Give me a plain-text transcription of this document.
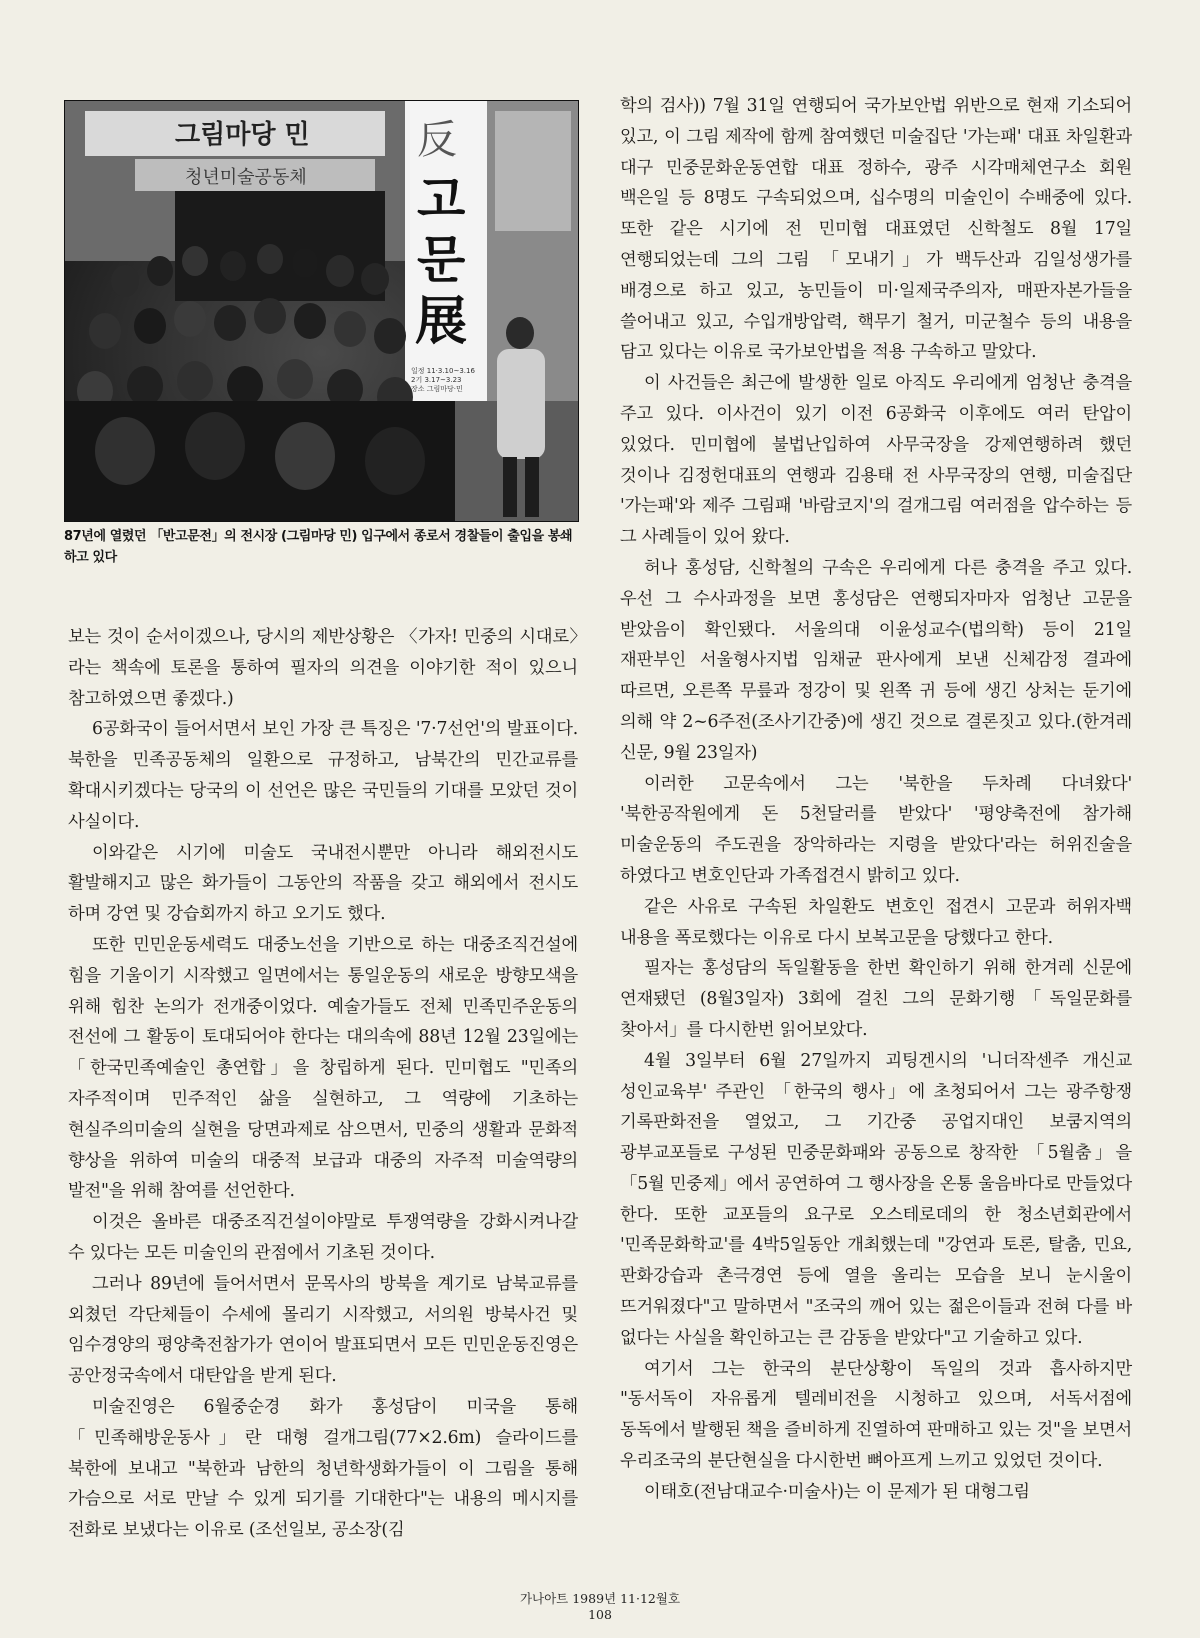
그림마당 민
청년미술공동체
反
고
문
展
일정 11·3.10~3.16 2기 3.17~3.23 장소 그림마당·민
87년에 열렸던 「반고문전」의 전시장 (그림마당 민) 입구에서 종로서 경찰들이 출입을 봉쇄하고 있다

보는 것이 순서이겠으나, 당시의 제반상황은 〈가자! 민중의 시대로〉라는 책속에 토론을 통하여 필자의 의견을 이야기한 적이 있으니 참고하였으면 좋겠다.)

6공화국이 들어서면서 보인 가장 큰 특징은 '7·7선언'의 발표이다. 북한을 민족공동체의 일환으로 규정하고, 남북간의 민간교류를 확대시키겠다는 당국의 이 선언은 많은 국민들의 기대를 모았던 것이 사실이다.

이와같은 시기에 미술도 국내전시뿐만 아니라 해외전시도 활발해지고 많은 화가들이 그동안의 작품을 갖고 해외에서 전시도 하며 강연 및 강습회까지 하고 오기도 했다.

또한 민민운동세력도 대중노선을 기반으로 하는 대중조직건설에 힘을 기울이기 시작했고 일면에서는 통일운동의 새로운 방향모색을 위해 힘찬 논의가 전개중이었다. 예술가들도 전체 민족민주운동의 전선에 그 활동이 토대되어야 한다는 대의속에 88년 12월 23일에는 「한국민족예술인 총연합」을 창립하게 된다. 민미협도 "민족의 자주적이며 민주적인 삶을 실현하고, 그 역량에 기초하는 현실주의미술의 실현을 당면과제로 삼으면서, 민중의 생활과 문화적 향상을 위하여 미술의 대중적 보급과 대중의 자주적 미술역량의 발전"을 위해 참여를 선언한다.

이것은 올바른 대중조직건설이야말로 투쟁역량을 강화시켜나갈 수 있다는 모든 미술인의 관점에서 기초된 것이다.

그러나 89년에 들어서면서 문목사의 방북을 계기로 남북교류를 외쳤던 각단체들이 수세에 몰리기 시작했고, 서의원 방북사건 및 임수경양의 평양축전참가가 연이어 발표되면서 모든 민민운동진영은 공안정국속에서 대탄압을 받게 된다.

미술진영은 6월중순경 화가 홍성담이 미국을 통해 「민족해방운동사」란 대형 걸개그림(77×2.6m) 슬라이드를 북한에 보내고 "북한과 남한의 청년학생화가들이 이 그림을 통해 가슴으로 서로 만날 수 있게 되기를 기대한다"는 내용의 메시지를 전화로 보냈다는 이유로 (조선일보, 공소장(김

학의 검사)) 7월 31일 연행되어 국가보안법 위반으로 현재 기소되어 있고, 이 그림 제작에 함께 참여했던 미술집단 '가는패' 대표 차일환과 대구 민중문화운동연합 대표 정하수, 광주 시각매체연구소 회원 백은일 등 8명도 구속되었으며, 십수명의 미술인이 수배중에 있다. 또한 같은 시기에 전 민미협 대표였던 신학철도 8월 17일 연행되었는데 그의 그림 「모내기」가 백두산과 김일성생가를 배경으로 하고 있고, 농민들이 미·일제국주의자, 매판자본가들을 쓸어내고 있고, 수입개방압력, 핵무기 철거, 미군철수 등의 내용을 담고 있다는 이유로 국가보안법을 적용 구속하고 말았다.

이 사건들은 최근에 발생한 일로 아직도 우리에게 엄청난 충격을 주고 있다. 이사건이 있기 이전 6공화국 이후에도 여러 탄압이 있었다. 민미협에 불법난입하여 사무국장을 강제연행하려 했던 것이나 김정헌대표의 연행과 김용태 전 사무국장의 연행, 미술집단 '가는패'와 제주 그림패 '바람코지'의 걸개그림 여러점을 압수하는 등 그 사례들이 있어 왔다.

허나 홍성담, 신학철의 구속은 우리에게 다른 충격을 주고 있다. 우선 그 수사과정을 보면 홍성담은 연행되자마자 엄청난 고문을 받았음이 확인됐다. 서울의대 이윤성교수(법의학) 등이 21일 재판부인 서울형사지법 임채균 판사에게 보낸 신체감정 결과에 따르면, 오른쪽 무릎과 정강이 및 왼쪽 귀 등에 생긴 상처는 둔기에 의해 약 2~6주전(조사기간중)에 생긴 것으로 결론짓고 있다.(한겨레 신문, 9월 23일자)

이러한 고문속에서 그는 '북한을 두차례 다녀왔다' '북한공작원에게 돈 5천달러를 받았다' '평양축전에 참가해 미술운동의 주도권을 장악하라는 지령을 받았다'라는 허위진술을 하였다고 변호인단과 가족접견시 밝히고 있다.

같은 사유로 구속된 차일환도 변호인 접견시 고문과 허위자백 내용을 폭로했다는 이유로 다시 보복고문을 당했다고 한다.

필자는 홍성담의 독일활동을 한번 확인하기 위해 한겨레 신문에 연재됐던 (8월3일자) 3회에 걸친 그의 문화기행「독일문화를 찾아서」를 다시한번 읽어보았다.

4월 3일부터 6월 27일까지 괴팅겐시의 '니더작센주 개신교 성인교육부' 주관인 「한국의 행사」에 초청되어서 그는 광주항쟁 기록판화전을 열었고, 그 기간중 공업지대인 보쿰지역의 광부교포들로 구성된 민중문화패와 공동으로 창작한 「5월춤」을 「5월 민중제」에서 공연하여 그 행사장을 온통 울음바다로 만들었다 한다. 또한 교포들의 요구로 오스테로데의 한 청소년회관에서 '민족문화학교'를 4박5일동안 개최했는데 "강연과 토론, 탈춤, 민요, 판화강습과 촌극경연 등에 열을 올리는 모습을 보니 눈시울이 뜨거워졌다"고 말하면서 "조국의 깨어 있는 젊은이들과 전혀 다를 바 없다는 사실을 확인하고는 큰 감동을 받았다"고 기술하고 있다.

여기서 그는 한국의 분단상황이 독일의 것과 흡사하지만 "동서독이 자유롭게 텔레비전을 시청하고 있으며, 서독서점에 동독에서 발행된 책을 즐비하게 진열하여 판매하고 있는 것"을 보면서 우리조국의 분단현실을 다시한번 뼈아프게 느끼고 있었던 것이다.

이태호(전남대교수·미술사)는 이 문제가 된 대형그림

가나아트 1989년 11·12월호
108
